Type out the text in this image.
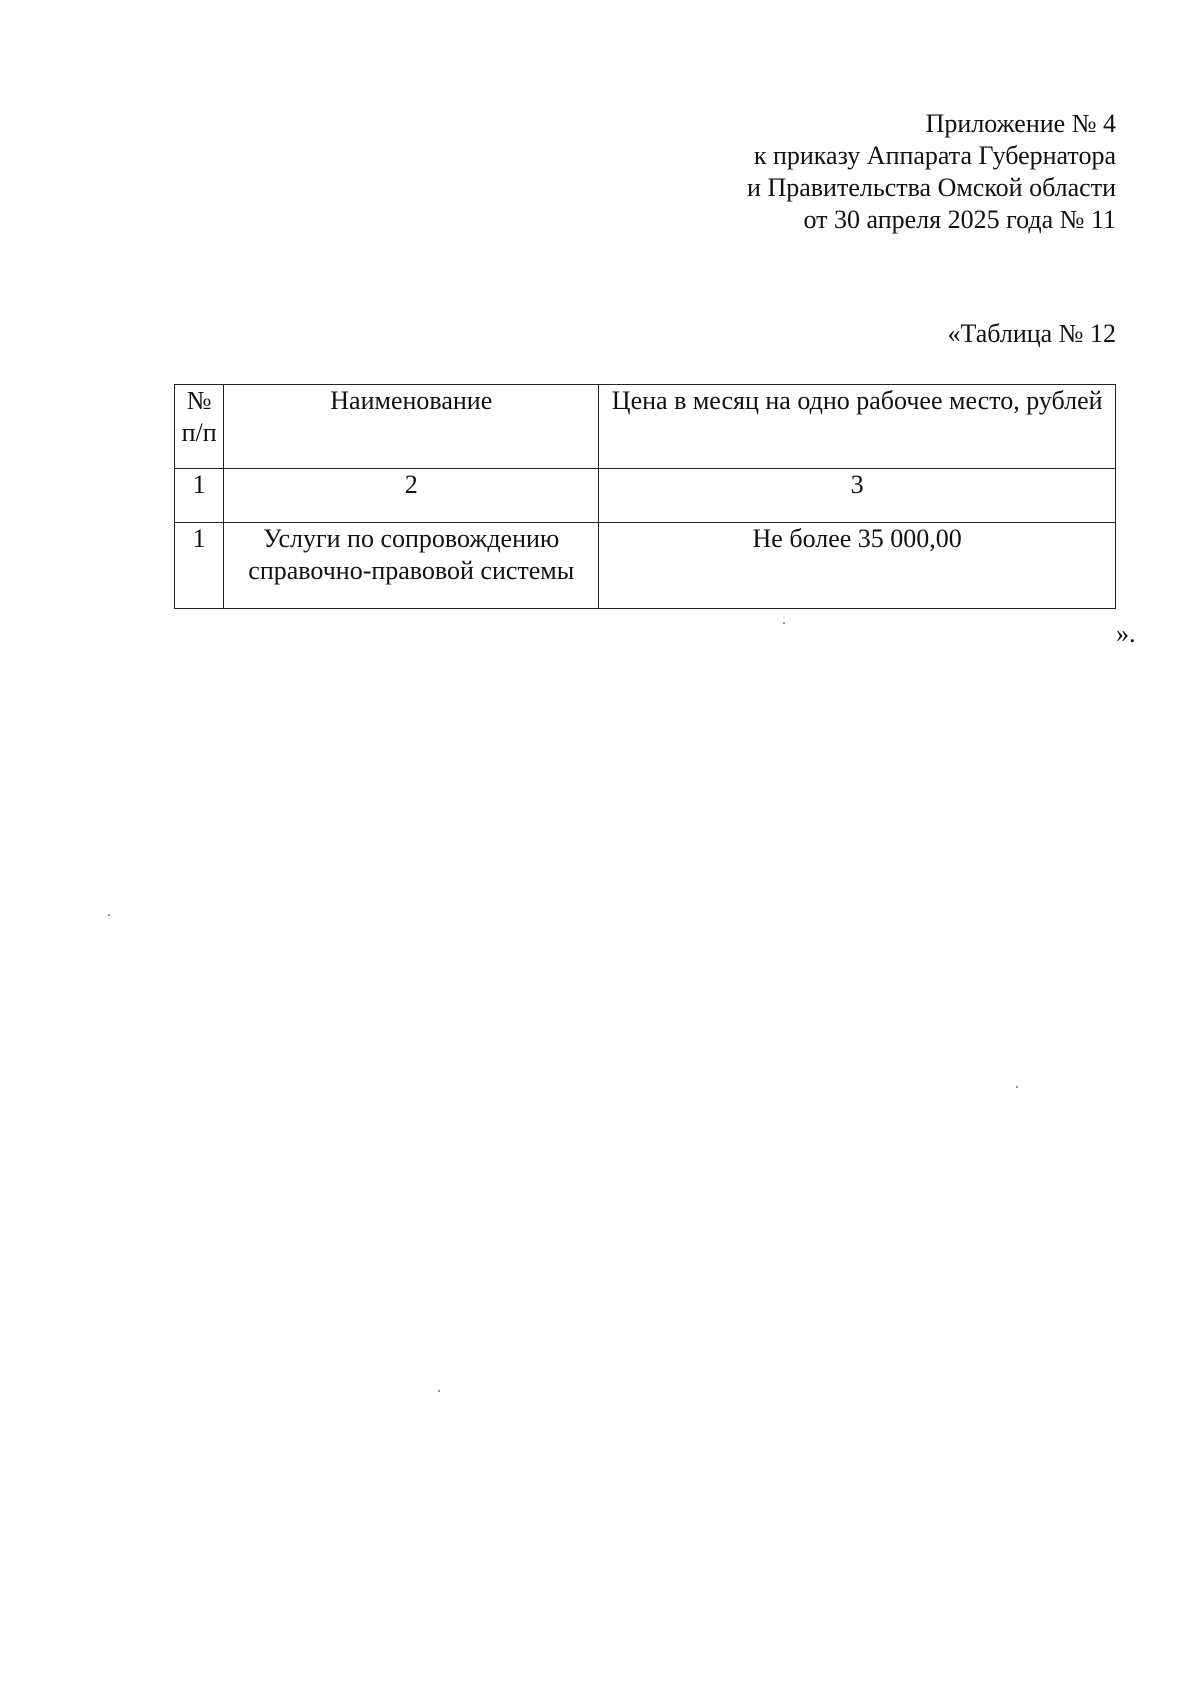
Приложение № 4
к приказу Аппарата Губернатора
и Правительства Омской области
от 30 апреля 2025 года № 11
«Таблица № 12
№ п/п	Наименование	Цена в месяц на одно рабочее место, рублей
1	2	3
1	Услуги по сопровождению справочно-правовой системы	Не более 35 000,00
».
